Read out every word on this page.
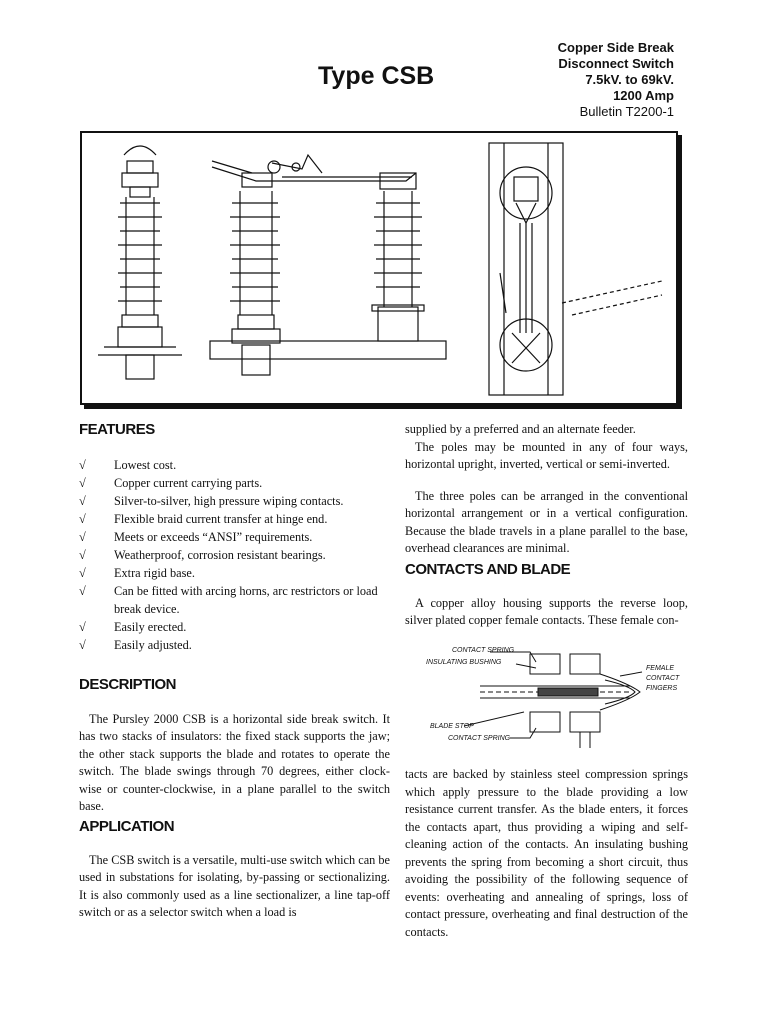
Type CSB
Copper Side Break
Disconnect Switch
7.5kV. to 69kV.
1200 Amp
Bulletin T2200-1
FEATURES
√ Lowest cost.
√ Copper current carrying parts.
√ Silver-to-silver, high pressure wiping contacts.
√ Flexible braid current transfer at hinge end.
√ Meets or exceeds “ANSI” requirements.
√ Weatherproof, corrosion resistant bearings.
√ Extra rigid base.
√ Can be fitted with arcing horns, arc restrictors or load break device.
√ Easily erected.
√ Easily adjusted.
DESCRIPTION

The Pursley 2000 CSB is a horizontal side break switch. It has two stacks of insulators: the fixed stack supports the jaw; the other stack supports the blade and rotates to operate the switch. The blade swings through 70 degrees, either clock-wise or counter-clockwise, in a plane parallel to the switch base.

APPLICATION

The CSB switch is a versatile, multi-use switch which can be used in substations for isolating, by-passing or sectionalizing. It is also commonly used as a line sectionalizer, a line tap-off switch or as a selector switch when a load is

supplied by a preferred and an alternate feeder.

The poles may be mounted in any of four ways, horizontal upright, inverted, vertical or semi-inverted.

The three poles can be arranged in the conventional horizontal arrangement or in a vertical configuration. Because the blade travels in a plane parallel to the base, overhead clearances are minimal.

CONTACTS AND BLADE

A copper alloy housing supports the reverse loop, silver plated copper female contacts. These female con-

CONTACT SPRING
INSULATING BUSHING
FEMALE
CONTACT
FINGERS
BLADE STOP
CONTACT SPRING

tacts are backed by stainless steel compression springs which apply pressure to the blade providing a low resistance current transfer. As the blade enters, it forces the contacts apart, thus providing a wiping and self-cleaning action of the contacts. An insulating bushing prevents the spring from becoming a short circuit, thus avoiding the possibility of the following sequence of events: overheating and annealing of springs, loss of contact pressure, overheating and final destruction of the contacts.
